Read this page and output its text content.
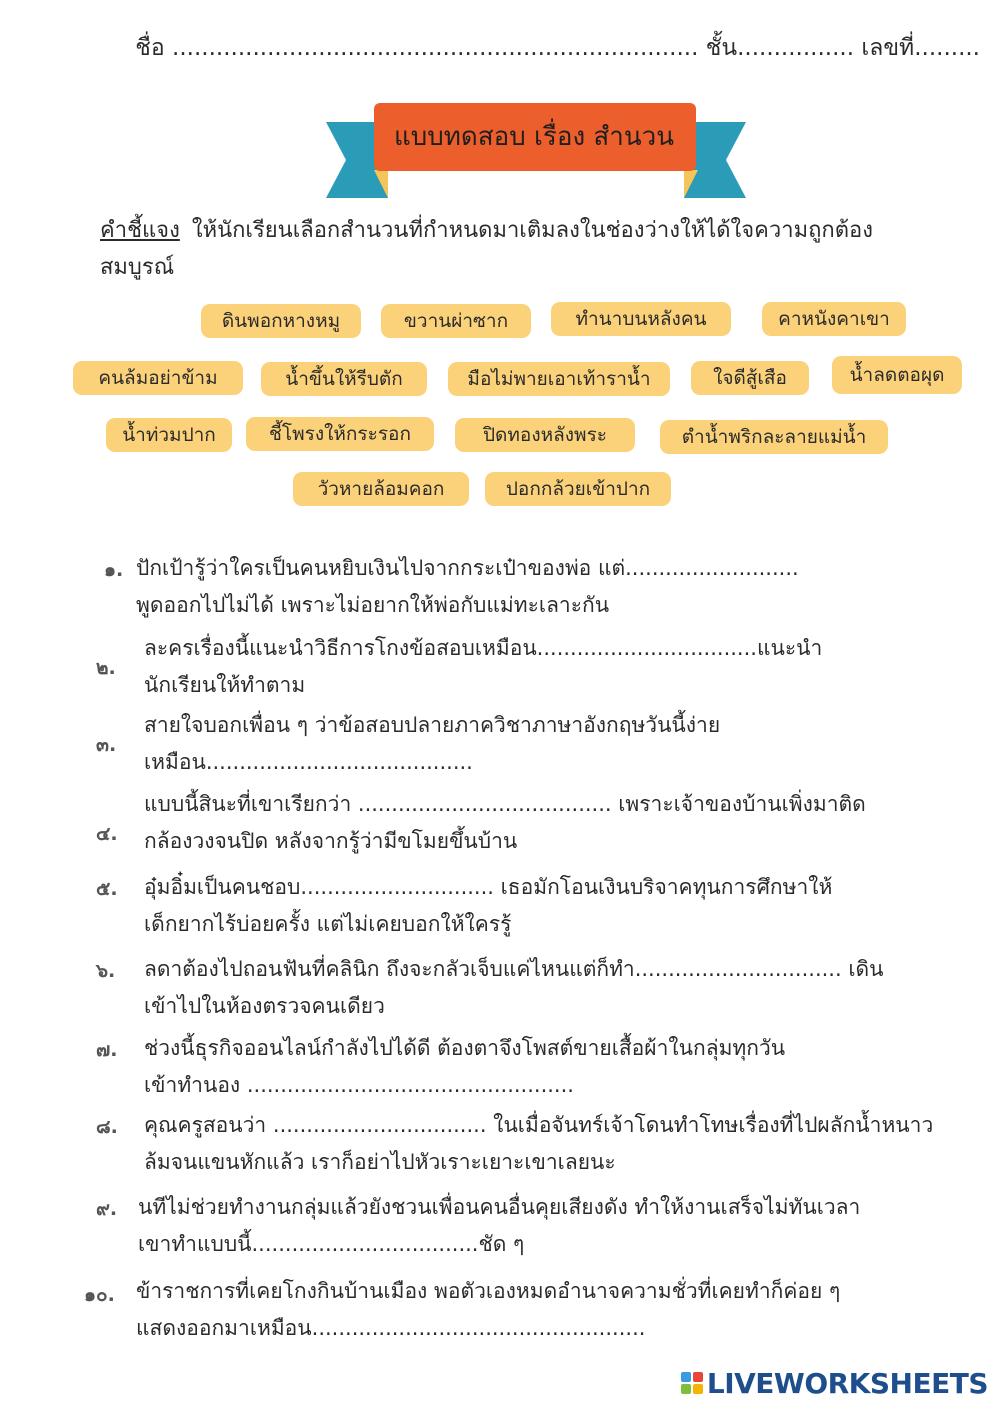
ชื่อ ........................................................................ ชั้น................ เลขที่.........
แบบทดสอบ เรื่อง สำนวน
คำชี้แจง ให้นักเรียนเลือกสำนวนที่กำหนดมาเติมลงในช่องว่างให้ได้ใจความถูกต้องสมบูรณ์
ดินพอกหางหมู	ขวานผ่าซาก	ทำนาบนหลังคน	คาหนังคาเขา
คนล้มอย่าข้าม	น้ำขึ้นให้รีบตัก	มือไม่พายเอาเท้าราน้ำ	ใจดีสู้เสือ	น้ำลดตอผุด
น้ำท่วมปาก	ชี้โพรงให้กระรอก	ปิดทองหลังพระ	ตำน้ำพริกละลายแม่น้ำ
วัวหายล้อมคอก	ปอกกล้วยเข้าปาก
๑. ปักเป้ารู้ว่าใครเป็นคนหยิบเงินไปจากกระเป๋าของพ่อ แต่..........................
พูดออกไปไม่ได้ เพราะไม่อยากให้พ่อกับแม่ทะเลาะกัน
๒.
ละครเรื่องนี้แนะนำวิธีการโกงข้อสอบเหมือน.................................แนะนำ
นักเรียนให้ทำตาม
๓.
สายใจบอกเพื่อน ๆ ว่าข้อสอบปลายภาควิชาภาษาอังกฤษวันนี้ง่าย
เหมือน........................................
๔.
แบบนี้สินะที่เขาเรียกว่า ...................................... เพราะเจ้าของบ้านเพิ่งมาติด
กล้องวงจนปิด หลังจากรู้ว่ามีขโมยขึ้นบ้าน
๕. อุ๋มอิ๋มเป็นคนชอบ............................. เธอมักโอนเงินบริจาคทุนการศึกษาให้
เด็กยากไร้บ่อยครั้ง แต่ไม่เคยบอกให้ใครรู้
๖. ลดาต้องไปถอนฟันที่คลินิก ถึงจะกลัวเจ็บแค่ไหนแต่ก็ทำ............................... เดิน
เข้าไปในห้องตรวจคนเดียว
๗. ช่วงนี้ธุรกิจออนไลน์กำลังไปได้ดี ต้องตาจึงโพสต์ขายเสื้อผ้าในกลุ่มทุกวัน
เข้าทำนอง .................................................
๘. คุณครูสอนว่า ................................ ในเมื่อจันทร์เจ้าโดนทำโทษเรื่องที่ไปผลักน้ำหนาว
ล้มจนแขนหักแล้ว เราก็อย่าไปหัวเราะเยาะเขาเลยนะ
๙. นทีไม่ช่วยทำงานกลุ่มแล้วยังชวนเพื่อนคนอื่นคุยเสียงดัง ทำให้งานเสร็จไม่ทันเวลา
เขาทำแบบนี้..................................ชัด ๆ
๑๐. ข้าราชการที่เคยโกงกินบ้านเมือง พอตัวเองหมดอำนาจความชั่วที่เคยทำก็ค่อย ๆ
แสดงออกมาเหมือน..................................................
LIVEWORKSHEETS
